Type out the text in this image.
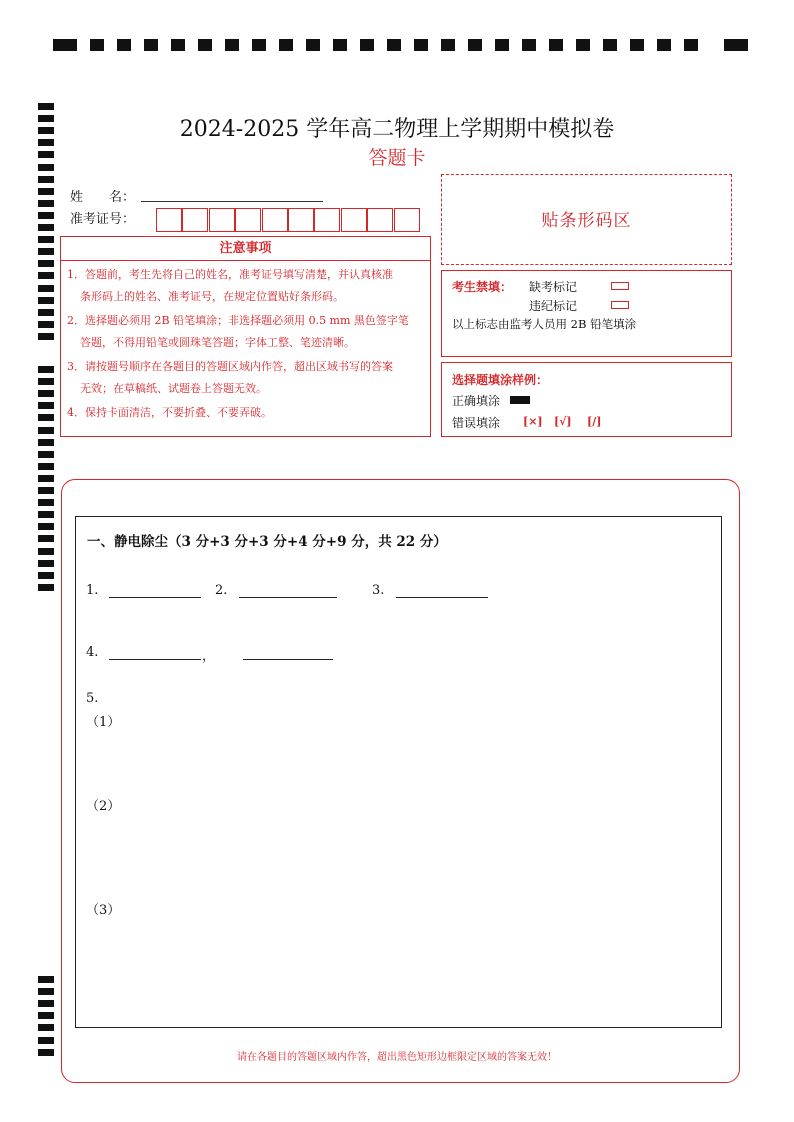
2024-2025 学年高二物理上学期期中模拟卷
答题卡
姓　　名：
准考证号：	贴条形码区
注意事项
1．答题前，考生先将自己的姓名，准考证号填写清楚，并认真核准
条形码上的姓名、准考证号，在规定位置贴好条形码。
2．选择题必须用 2B 铅笔填涂；非选择题必须用 0.5 mm 黑色签字笔
答题，不得用铅笔或圆珠笔答题；字体工整、笔迹清晰。
3．请按题号顺序在各题目的答题区域内作答，超出区域书写的答案
无效；在草稿纸、试题卷上答题无效。
4．保持卡面清洁，不要折叠、不要弄破。
考生禁填： 缺考标记
违纪标记
以上标志由监考人员用 2B 铅笔填涂
选择题填涂样例：
正确填涂
错误填涂 [×] [√] [/]
一、静电除尘（3 分+3 分+3 分+4 分+9 分，共 22 分）
1.	2.	3.
4.	，
5.
（1）
（2）
（3）
请在各题目的答题区域内作答，超出黑色矩形边框限定区域的答案无效！
